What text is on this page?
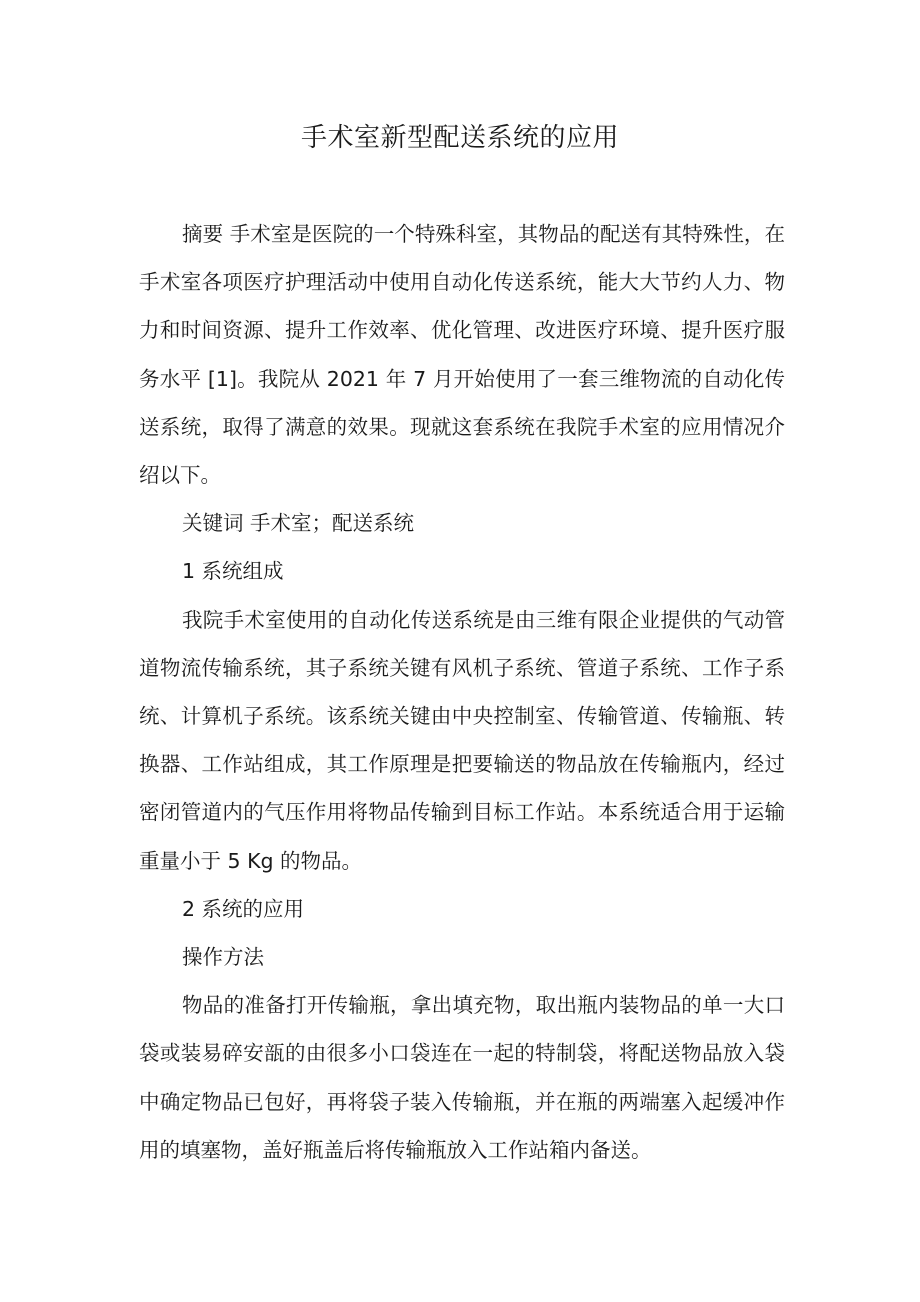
手术室新型配送系统的应用

摘要 手术室是医院的一个特殊科室，其物品的配送有其特殊性，在手术室各项医疗护理活动中使用自动化传送系统，能大大节约人力、物力和时间资源、提升工作效率、优化管理、改进医疗环境、提升医疗服务水平 [1]。我院从 2021 年 7 月开始使用了一套三维物流的自动化传送系统，取得了满意的效果。现就这套系统在我院手术室的应用情况介绍以下。

关键词 手术室；配送系统

1 系统组成

我院手术室使用的自动化传送系统是由三维有限企业提供的气动管道物流传输系统，其子系统关键有风机子系统、管道子系统、工作子系统、计算机子系统。该系统关键由中央控制室、传输管道、传输瓶、转换器、工作站组成，其工作原理是把要输送的物品放在传输瓶内，经过密闭管道内的气压作用将物品传输到目标工作站。本系统适合用于运输重量小于 5 Kg 的物品。

2 系统的应用

操作方法

物品的准备打开传输瓶，拿出填充物，取出瓶内装物品的单一大口袋或装易碎安瓿的由很多小口袋连在一起的特制袋，将配送物品放入袋中确定物品已包好，再将袋子装入传输瓶，并在瓶的两端塞入起缓冲作用的填塞物，盖好瓶盖后将传输瓶放入工作站箱内备送。
